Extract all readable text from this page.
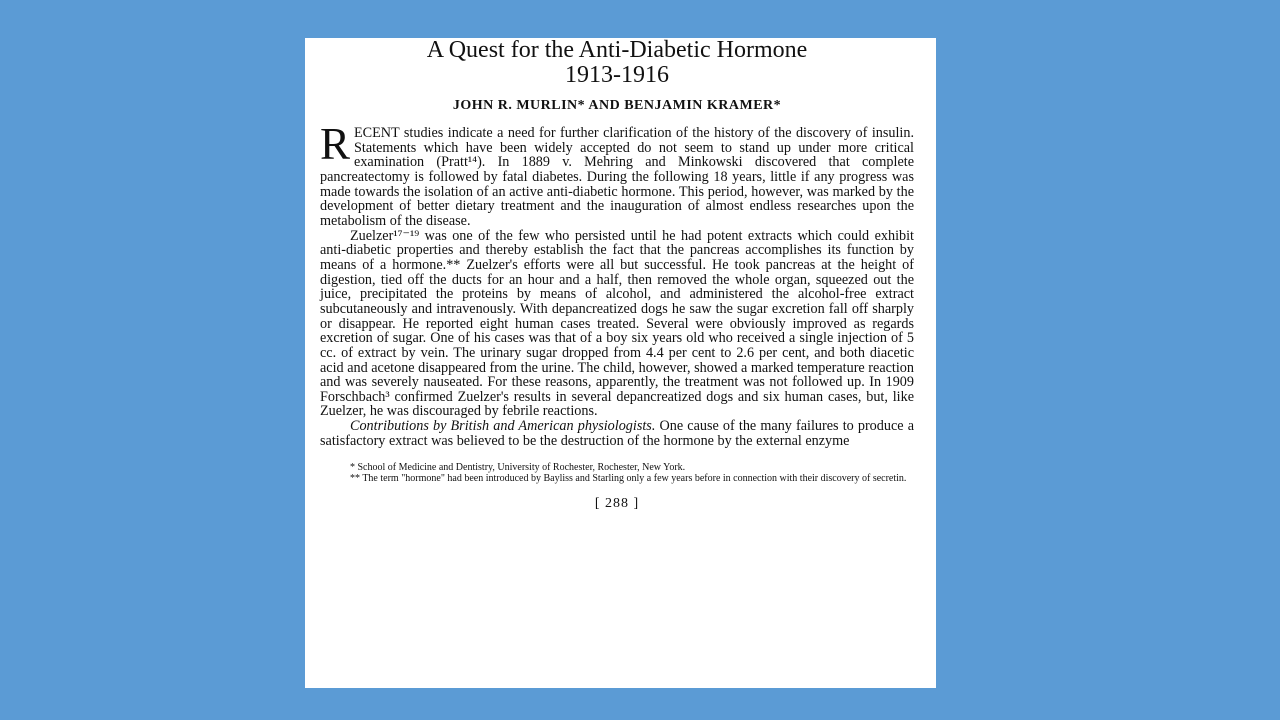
A Quest for the Anti-Diabetic Hormone
1913-1916
JOHN R. MURLIN* AND BENJAMIN KRAMER*

RECENT studies indicate a need for further clarification of the history of the discovery of insulin. Statements which have been widely accepted do not seem to stand up under more critical examination (Pratt¹⁴). In 1889 v. Mehring and Minkowski discovered that complete pancreatectomy is followed by fatal diabetes. During the following 18 years, little if any progress was made towards the isolation of an active anti-diabetic hormone. This period, however, was marked by the development of better dietary treatment and the inauguration of almost endless researches upon the metabolism of the disease.

Zuelzer¹⁷⁻¹⁹ was one of the few who persisted until he had potent extracts which could exhibit anti-diabetic properties and thereby establish the fact that the pancreas accomplishes its function by means of a hormone.** Zuelzer's efforts were all but successful. He took pancreas at the height of digestion, tied off the ducts for an hour and a half, then removed the whole organ, squeezed out the juice, precipitated the proteins by means of alcohol, and administered the alcohol-free extract subcutaneously and intravenously. With depancreatized dogs he saw the sugar excretion fall off sharply or disappear. He reported eight human cases treated. Several were obviously improved as regards excretion of sugar. One of his cases was that of a boy six years old who received a single injection of 5 cc. of extract by vein. The urinary sugar dropped from 4.4 per cent to 2.6 per cent, and both diacetic acid and acetone disappeared from the urine. The child, however, showed a marked temperature reaction and was severely nauseated. For these reasons, apparently, the treatment was not followed up. In 1909 Forschbach³ confirmed Zuelzer's results in several depancreatized dogs and six human cases, but, like Zuelzer, he was discouraged by febrile reactions.

Contributions by British and American physiologists. One cause of the many failures to produce a satisfactory extract was believed to be the destruction of the hormone by the external enzyme

* School of Medicine and Dentistry, University of Rochester, Rochester, New York.

** The term "hormone" had been introduced by Bayliss and Starling only a few years before in connection with their discovery of secretin.

[ 288 ]
